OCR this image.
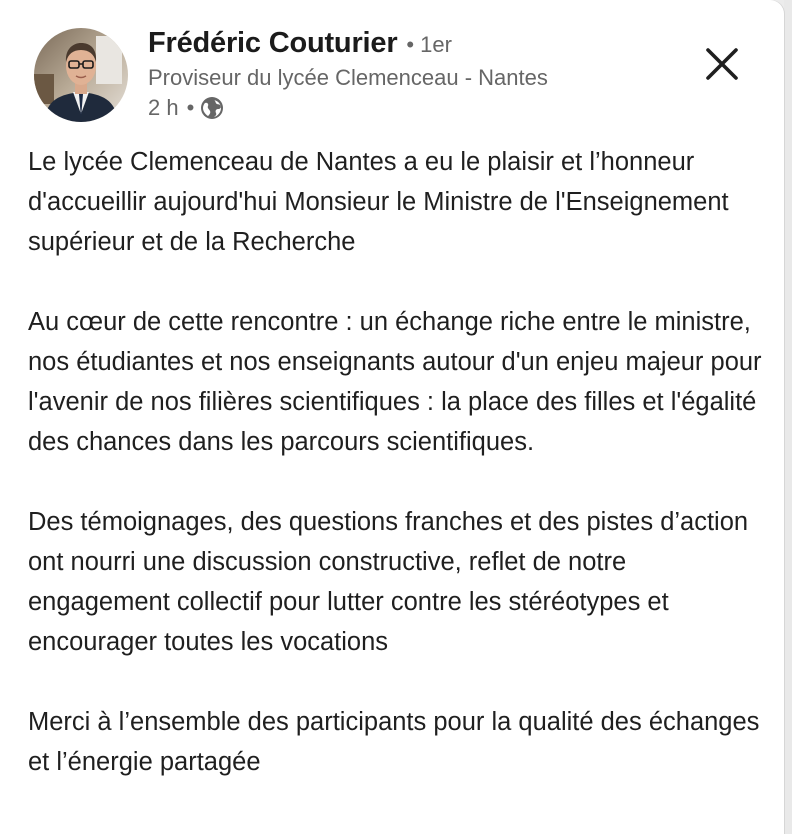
Frédéric Couturier • 1er
Proviseur du lycée Clemenceau - Nantes
2 h •

Le lycée Clemenceau de Nantes a eu le plaisir et l’honneur d'accueillir aujourd'hui Monsieur le Ministre de l'Enseignement supérieur et de la Recherche

Au cœur de cette rencontre : un échange riche entre le ministre, nos étudiantes et nos enseignants autour d'un enjeu majeur pour l'avenir de nos filières scientifiques : la place des filles et l'égalité des chances dans les parcours scientifiques.

Des témoignages, des questions franches et des pistes d’action ont nourri une discussion constructive, reflet de notre engagement collectif pour lutter contre les stéréotypes et encourager toutes les vocations

Merci à l’ensemble des participants pour la qualité des échanges et l’énergie partagée
